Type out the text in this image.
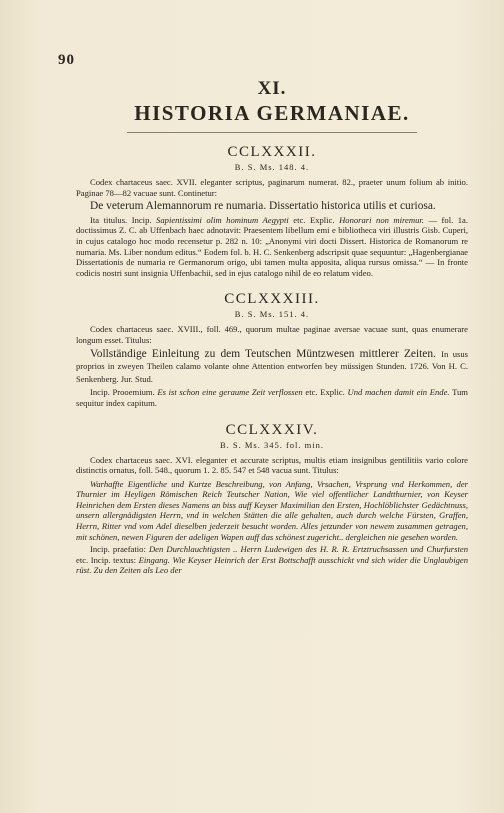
90

XI.

HISTORIA GERMANIAE.

CCLXXXII.

B. S. Ms. 148. 4.

Codex chartaceus saec. XVII. eleganter scriptus, paginarum numerat. 82., praeter unum folium ab initio. Paginae 78—82 vacuae sunt. Continetur:

De veterum Alemannorum re numaria. Dissertatio historica utilis et curiosa.

Ita titulus. Incip. Sapientissimi olim hominum Aegypti etc. Explic. Honorari non miremur. — fol. 1a. doctissimus Z. C. ab Uffenbach haec adnotavit: Praesentem libellum emi e bibliotheca viri illustris Gisb. Cuperi, in cujus catalogo hoc modo recensetur p. 282 n. 10: „Anonymi viri docti Dissert. Historica de Romanorum re numaria. Ms. Liber nondum editus.“ Eodem fol. b. H. C. Senkenberg adscripsit quae sequuntur: „Hagenbergianae Dissertationis de numaria re Germanorum origo, ubi tamen multa apposita, aliqua rursus omissa.“ — In fronte codicis nostri sunt insignia Uffenbachii, sed in ejus catalogo nihil de eo relatum video.

CCLXXXIII.

B. S. Ms. 151. 4.

Codex chartaceus saec. XVIII., foll. 469., quorum multae paginae aversae vacuae sunt, quas enumerare longum esset. Titulus:

Vollständige Einleitung zu dem Teutschen Müntzwesen mittlerer Zeiten. In usus proprios in zweyen Theilen calamo volante ohne Attention entworfen bey müssigen Stunden. 1726. Von H. C. Senkenberg. Jur. Stud.

Incip. Prooemium. Es ist schon eine geraume Zeit verflossen etc. Explic. Und machen damit ein Ende. Tum sequitur index capitum.

CCLXXXIV.

B. S. Ms. 345. fol. min.

Codex chartaceus saec. XVI. eleganter et accurate scriptus, multis etiam insignibus gentilitiis vario colore distinctis ornatus, foll. 548., quorum 1. 2. 85. 547 et 548 vacua sunt. Titulus:

Warhaffte Eigentliche und Kurtze Beschreibung, von Anfang, Vrsachen, Vrsprung vnd Herkommen, der Thurnier im Heyligen Römischen Reich Teutscher Nation, Wie viel offentlicher Landtthurnier, von Keyser Heinrichen dem Ersten dieses Namens an biss auff Keyser Maximilian den Ersten, Hochlöblichster Gedächtnuss, unsern allergnädigsten Herrn, vnd in welchen Stätten die alle gehalten, auch durch welche Fürsten, Graffen, Herrn, Ritter vnd vom Adel dieselben jederzeit besucht worden. Alles jetzunder von newem zusammen getragen, mit schönen, newen Figuren der adeligen Wapen auff das schönest zugericht.. dergleichen nie gesehen worden.

Incip. praefatio: Den Durchlauchtigsten .. Herrn Ludewigen des H. R. R. Ertztruchsassen und Churfursten etc. Incip. textus: Eingang. Wie Keyser Heinrich der Erst Bottschafft ausschickt vnd sich wider die Unglaubigen rüst. Zu den Zeiten als Leo der
